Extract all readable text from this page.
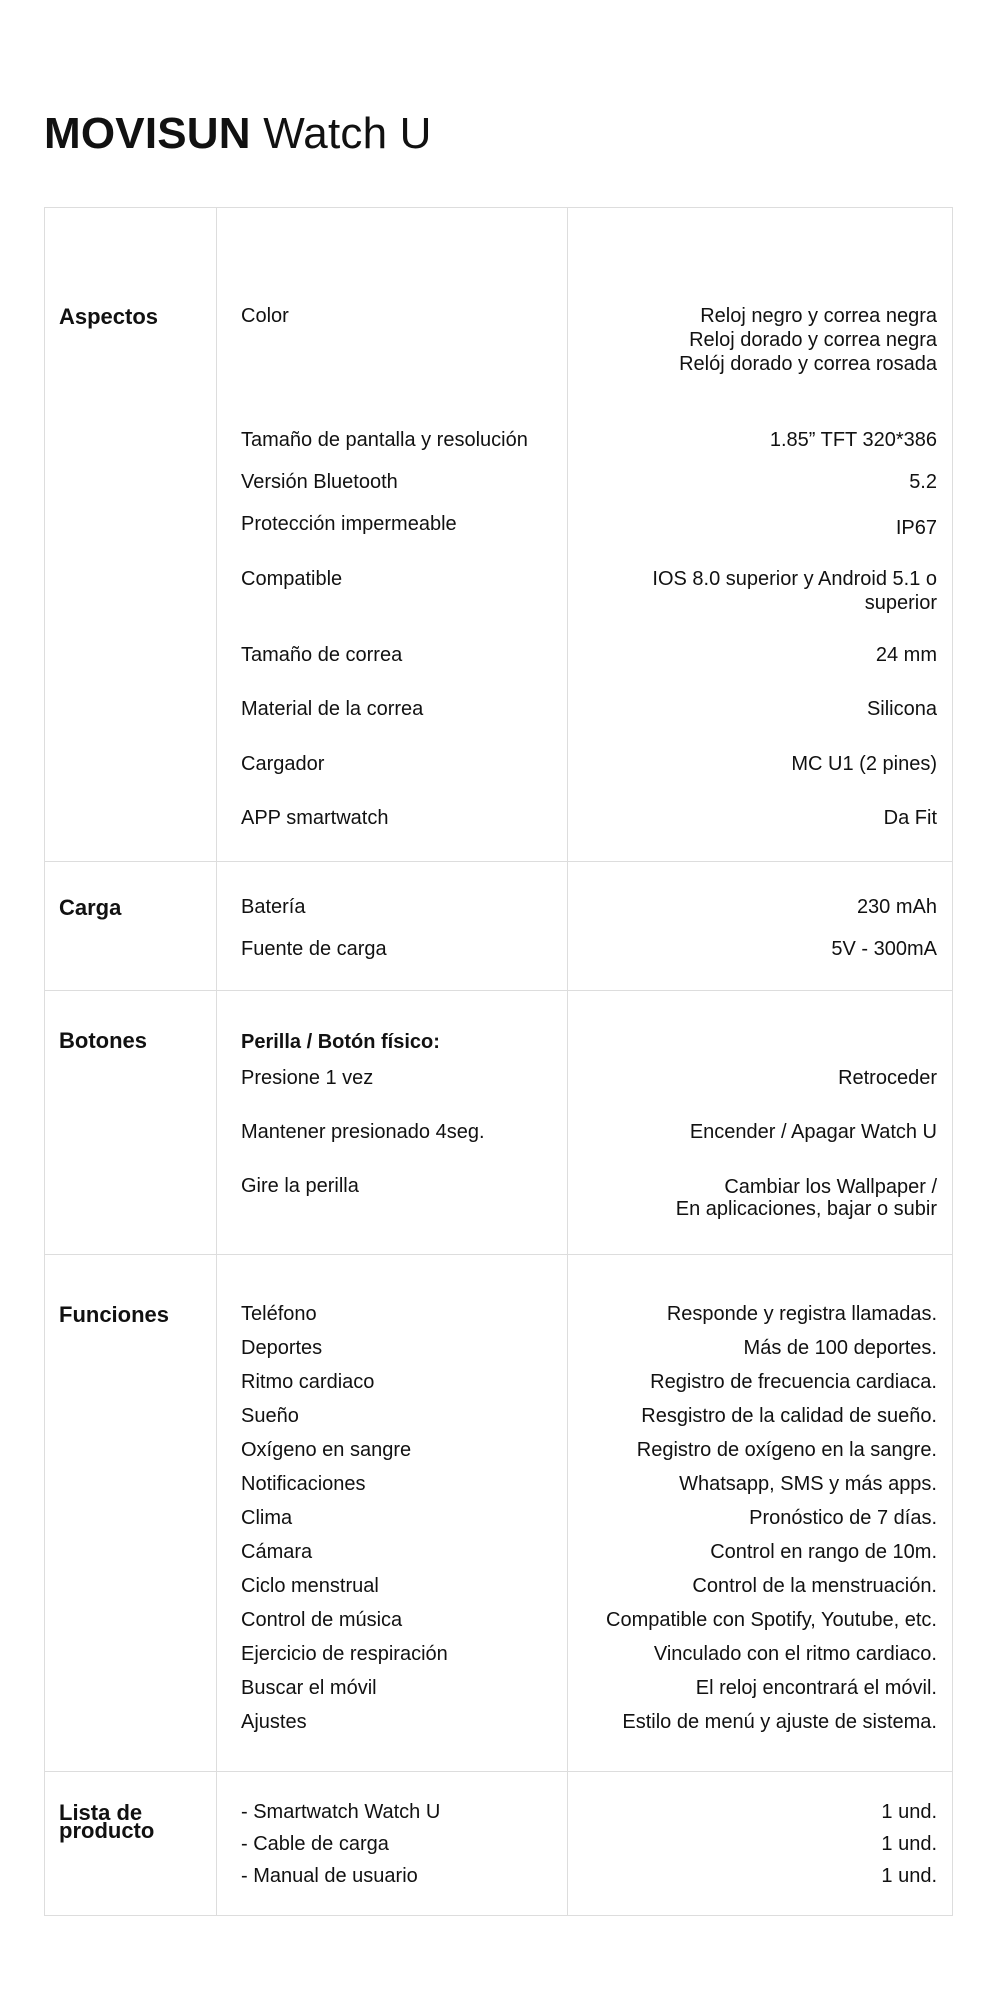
MOVISUN Watch U
Aspectos	Color	Reloj negro y correa negra
Reloj dorado y correa negra
Relój dorado y correa rosada
Tamaño de pantalla y resolución	1.85” TFT 320*386
Versión Bluetooth	5.2
Protección impermeable	IP67
Compatible	IOS 8.0 superior y Android 5.1 o
superior
Tamaño de correa	24 mm
Material de la correa	Silicona
Cargador	MC U1 (2 pines)
APP smartwatch	Da Fit
Carga	Batería	230 mAh
Fuente de carga	5V - 300mA
Botones	Perilla / Botón físico:
Presione 1 vez	Retroceder
Mantener presionado 4seg.	Encender / Apagar Watch U
Gire la perilla	Cambiar los Wallpaper /
En aplicaciones, bajar o subir
Funciones	Teléfono	Responde y registra llamadas.
Deportes	Más de 100 deportes.
Ritmo cardiaco	Registro de frecuencia cardiaca.
Sueño	Resgistro de la calidad de sueño.
Oxígeno en sangre	Registro de oxígeno en la sangre.
Notificaciones	Whatsapp, SMS y más apps.
Clima	Pronóstico de 7 días.
Cámara	Control en rango de 10m.
Ciclo menstrual	Control de la menstruación.
Control de música	Compatible con Spotify, Youtube, etc.
Ejercicio de respiración	Vinculado con el ritmo cardiaco.
Buscar el móvil	El reloj encontrará el móvil.
Ajustes	Estilo de menú y ajuste de sistema.
Lista de
producto
- Smartwatch Watch U	1 und.
- Cable de carga	1 und.
- Manual de usuario	1 und.
